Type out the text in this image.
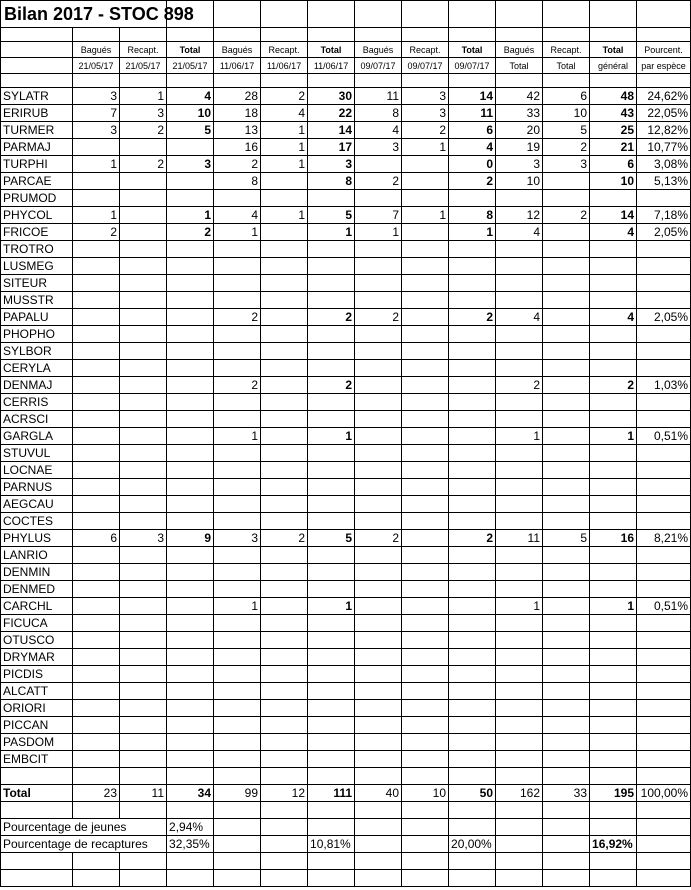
Bilan 2017 - STOC 898													

	Bagués	Recapt.	Total	Bagués	Recapt.	Total	Bagués	Recapt.	Total	Bagués	Recapt.	Total	Pourcent.
	21/05/17	21/05/17	21/05/17	11/06/17	11/06/17	11/06/17	09/07/17	09/07/17	09/07/17	Total	Total	général	par espèce

SYLATR	3	1	4	28	2	30	11	3	14	42	6	48	24,62%
ERIRUB	7	3	10	18	4	22	8	3	11	33	10	43	22,05%
TURMER	3	2	5	13	1	14	4	2	6	20	5	25	12,82%
PARMAJ				16	1	17	3	1	4	19	2	21	10,77%
TURPHI	1	2	3	2	1	3			0	3	3	6	3,08%
PARCAE				8		8	2		2	10		10	5,13%
PRUMOD													
PHYCOL	1		1	4	1	5	7	1	8	12	2	14	7,18%
FRICOE	2		2	1		1	1		1	4		4	2,05%
TROTRO													
LUSMEG													
SITEUR													
MUSSTR													
PAPALU				2		2	2		2	4		4	2,05%
PHOPHO													
SYLBOR													
CERYLA													
DENMAJ				2		2				2		2	1,03%
CERRIS													
ACRSCI													
GARGLA				1		1				1		1	0,51%
STUVUL													
LOCNAE													
PARNUS													
AEGCAU													
COCTES													
PHYLUS	6	3	9	3	2	5	2		2	11	5	16	8,21%
LANRIO													
DENMIN													
DENMED													
CARCHL				1		1				1		1	0,51%
FICUCA													
OTUSCO													
DRYMAR													
PICDIS													
ALCATT													
ORIORI													
PICCAN													
PASDOM													
EMBCIT													

Total	23	11	34	99	12	111	40	10	50	162	33	195	100,00%

Pourcentage de jeunes			2,94%										
Pourcentage de recaptures			32,35%			10,81%			20,00%			16,92%	
